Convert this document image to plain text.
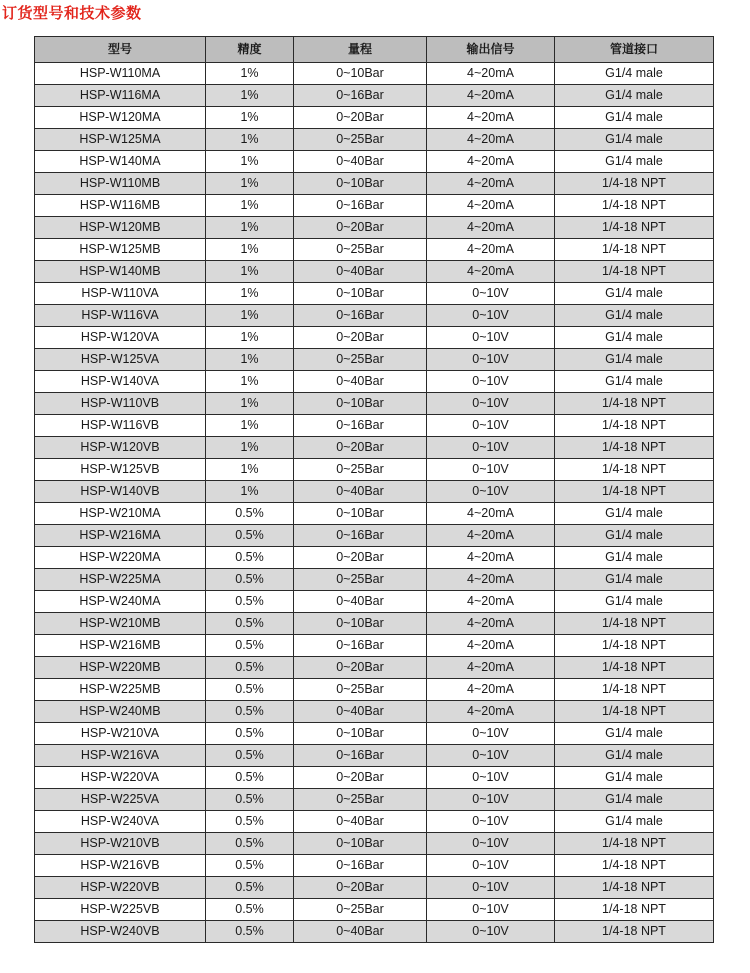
订货型号和技术参数
型号	精度	量程	输出信号	管道接口
HSP-W110MA	1%	0~10Bar	4~20mA	G1/4 male
HSP-W116MA	1%	0~16Bar	4~20mA	G1/4 male
HSP-W120MA	1%	0~20Bar	4~20mA	G1/4 male
HSP-W125MA	1%	0~25Bar	4~20mA	G1/4 male
HSP-W140MA	1%	0~40Bar	4~20mA	G1/4 male
HSP-W110MB	1%	0~10Bar	4~20mA	1/4-18 NPT
HSP-W116MB	1%	0~16Bar	4~20mA	1/4-18 NPT
HSP-W120MB	1%	0~20Bar	4~20mA	1/4-18 NPT
HSP-W125MB	1%	0~25Bar	4~20mA	1/4-18 NPT
HSP-W140MB	1%	0~40Bar	4~20mA	1/4-18 NPT
HSP-W110VA	1%	0~10Bar	0~10V	G1/4 male
HSP-W116VA	1%	0~16Bar	0~10V	G1/4 male
HSP-W120VA	1%	0~20Bar	0~10V	G1/4 male
HSP-W125VA	1%	0~25Bar	0~10V	G1/4 male
HSP-W140VA	1%	0~40Bar	0~10V	G1/4 male
HSP-W110VB	1%	0~10Bar	0~10V	1/4-18 NPT
HSP-W116VB	1%	0~16Bar	0~10V	1/4-18 NPT
HSP-W120VB	1%	0~20Bar	0~10V	1/4-18 NPT
HSP-W125VB	1%	0~25Bar	0~10V	1/4-18 NPT
HSP-W140VB	1%	0~40Bar	0~10V	1/4-18 NPT
HSP-W210MA	0.5%	0~10Bar	4~20mA	G1/4 male
HSP-W216MA	0.5%	0~16Bar	4~20mA	G1/4 male
HSP-W220MA	0.5%	0~20Bar	4~20mA	G1/4 male
HSP-W225MA	0.5%	0~25Bar	4~20mA	G1/4 male
HSP-W240MA	0.5%	0~40Bar	4~20mA	G1/4 male
HSP-W210MB	0.5%	0~10Bar	4~20mA	1/4-18 NPT
HSP-W216MB	0.5%	0~16Bar	4~20mA	1/4-18 NPT
HSP-W220MB	0.5%	0~20Bar	4~20mA	1/4-18 NPT
HSP-W225MB	0.5%	0~25Bar	4~20mA	1/4-18 NPT
HSP-W240MB	0.5%	0~40Bar	4~20mA	1/4-18 NPT
HSP-W210VA	0.5%	0~10Bar	0~10V	G1/4 male
HSP-W216VA	0.5%	0~16Bar	0~10V	G1/4 male
HSP-W220VA	0.5%	0~20Bar	0~10V	G1/4 male
HSP-W225VA	0.5%	0~25Bar	0~10V	G1/4 male
HSP-W240VA	0.5%	0~40Bar	0~10V	G1/4 male
HSP-W210VB	0.5%	0~10Bar	0~10V	1/4-18 NPT
HSP-W216VB	0.5%	0~16Bar	0~10V	1/4-18 NPT
HSP-W220VB	0.5%	0~20Bar	0~10V	1/4-18 NPT
HSP-W225VB	0.5%	0~25Bar	0~10V	1/4-18 NPT
HSP-W240VB	0.5%	0~40Bar	0~10V	1/4-18 NPT
